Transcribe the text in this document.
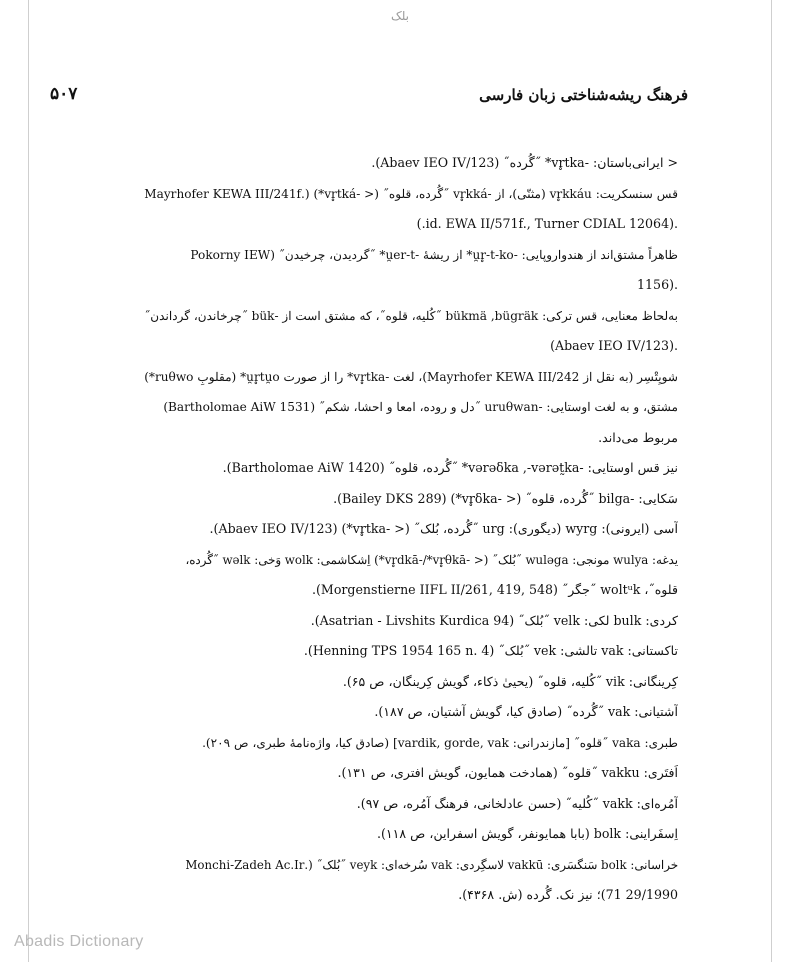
بلک
فرهنگ ریشه‌شناختی زبان فارسی
۵۰۷
< ایرانی‌باستان: -vr̥tka* ˝گُرده˝ (Abaev IEO IV/123).
قس سنسکریت: vr̥kkáu (مثنّی)، از -vr̥kká ˝گُرده، قلوه˝ (< -vr̥tká*) (.Mayrhofer KEWA III/241f
(.id. EWA II/571f., Turner CDIAL 12064).
ظاهراً مشتق‌اند از هندواروپایی: -u̯r̥-t-ko* از ریشهٔ -u̯er-t* ˝گردیدن، چرخیدن˝ (Pokorny IEW
1156).
به‌لحاظ معنایی، قس ترکی: bükmä ,bügräk ˝کُلیه، قلوه˝، که مشتق است از -bük ˝چرخاندن، گرداندن˝
(Abaev IEO IV/123).
شویِتْسِر (به نقل از Mayrhofer KEWA III/242)، لغت -vr̥tka* را از صورت u̯r̥tu̯o* (مقلوبِ ruθwo*)
مشتق، و به لغت اوستایی: -uruθwan ˝دل و روده، امعا و احشا، شکم˝ (Bartholomae AiW 1531)
مربوط می‌داند.
نیز قس اوستایی: -vərəδka ,-vərət̰ka* ˝گُرده، قلوه˝ (Bartholomae AiW 1420).
سَکایی: -bilga ˝گُرده، قلوه˝ (< -vr̥δka*) (Bailey DKS 289).
آسی (ایرونی): wyrg (دیگوری): urg ˝گُرده، بُلک˝ (< -vr̥tka*) (Abaev IEO IV/123).
یدغه: wulya مونجی: wuləga ˝بُلک˝ (< -vr̥dkā-/*vr̥θkā*) اِشکاشمی: wolk وَخی: wəlk ˝گُرده،
قلوه˝، woltᵘk ˝جگر˝ (Morgenstierne IIFL II/261, 419, 548).
کردی: bulk لکی: velk ˝بُلک˝ (Asatrian - Livshits Kurdica 94).
تاکستانی: vak تالشی: vek ˝بُلک˝ (Henning TPS 1954 165 n. 4).
کِرینگانی: vik ˝کُلیه، قلوه˝ (یحییٰ ذکاء، گویش کِرینگان، ص ۶۵).
آشتیانی: vak ˝گُرده˝ (صادق کیا، گویش آشتیان، ص ۱۸۷).
طبری: vaka ˝قلوه˝ [مازندرانی: vardik, gorde, vak] (صادق کیا، واژه‌نامهٔ طبری، ص ۲۰۹).
اَفتَری: vakku ˝قلوه˝ (همادخت همایون، گویش افتری، ص ۱۳۱).
آمُره‌ای: vakk ˝کُلیه˝ (حسن عادلخانی، فرهنگ آمُره، ص ۹۷).
اِسفَراینی: bolk (بابا همایونفر، گویش اسفراین، ص ۱۱۸).
خراسانی: bolk سَنگسَری: vakkū لاسگِردی: vak سُرخه‌ای: veyk ˝بُلک˝ (.Monchi-Zadeh Ac.Ir
29/1990 71)؛ نیز نک. گُرده (ش. ۴۳۶۸).
Abadis Dictionary
